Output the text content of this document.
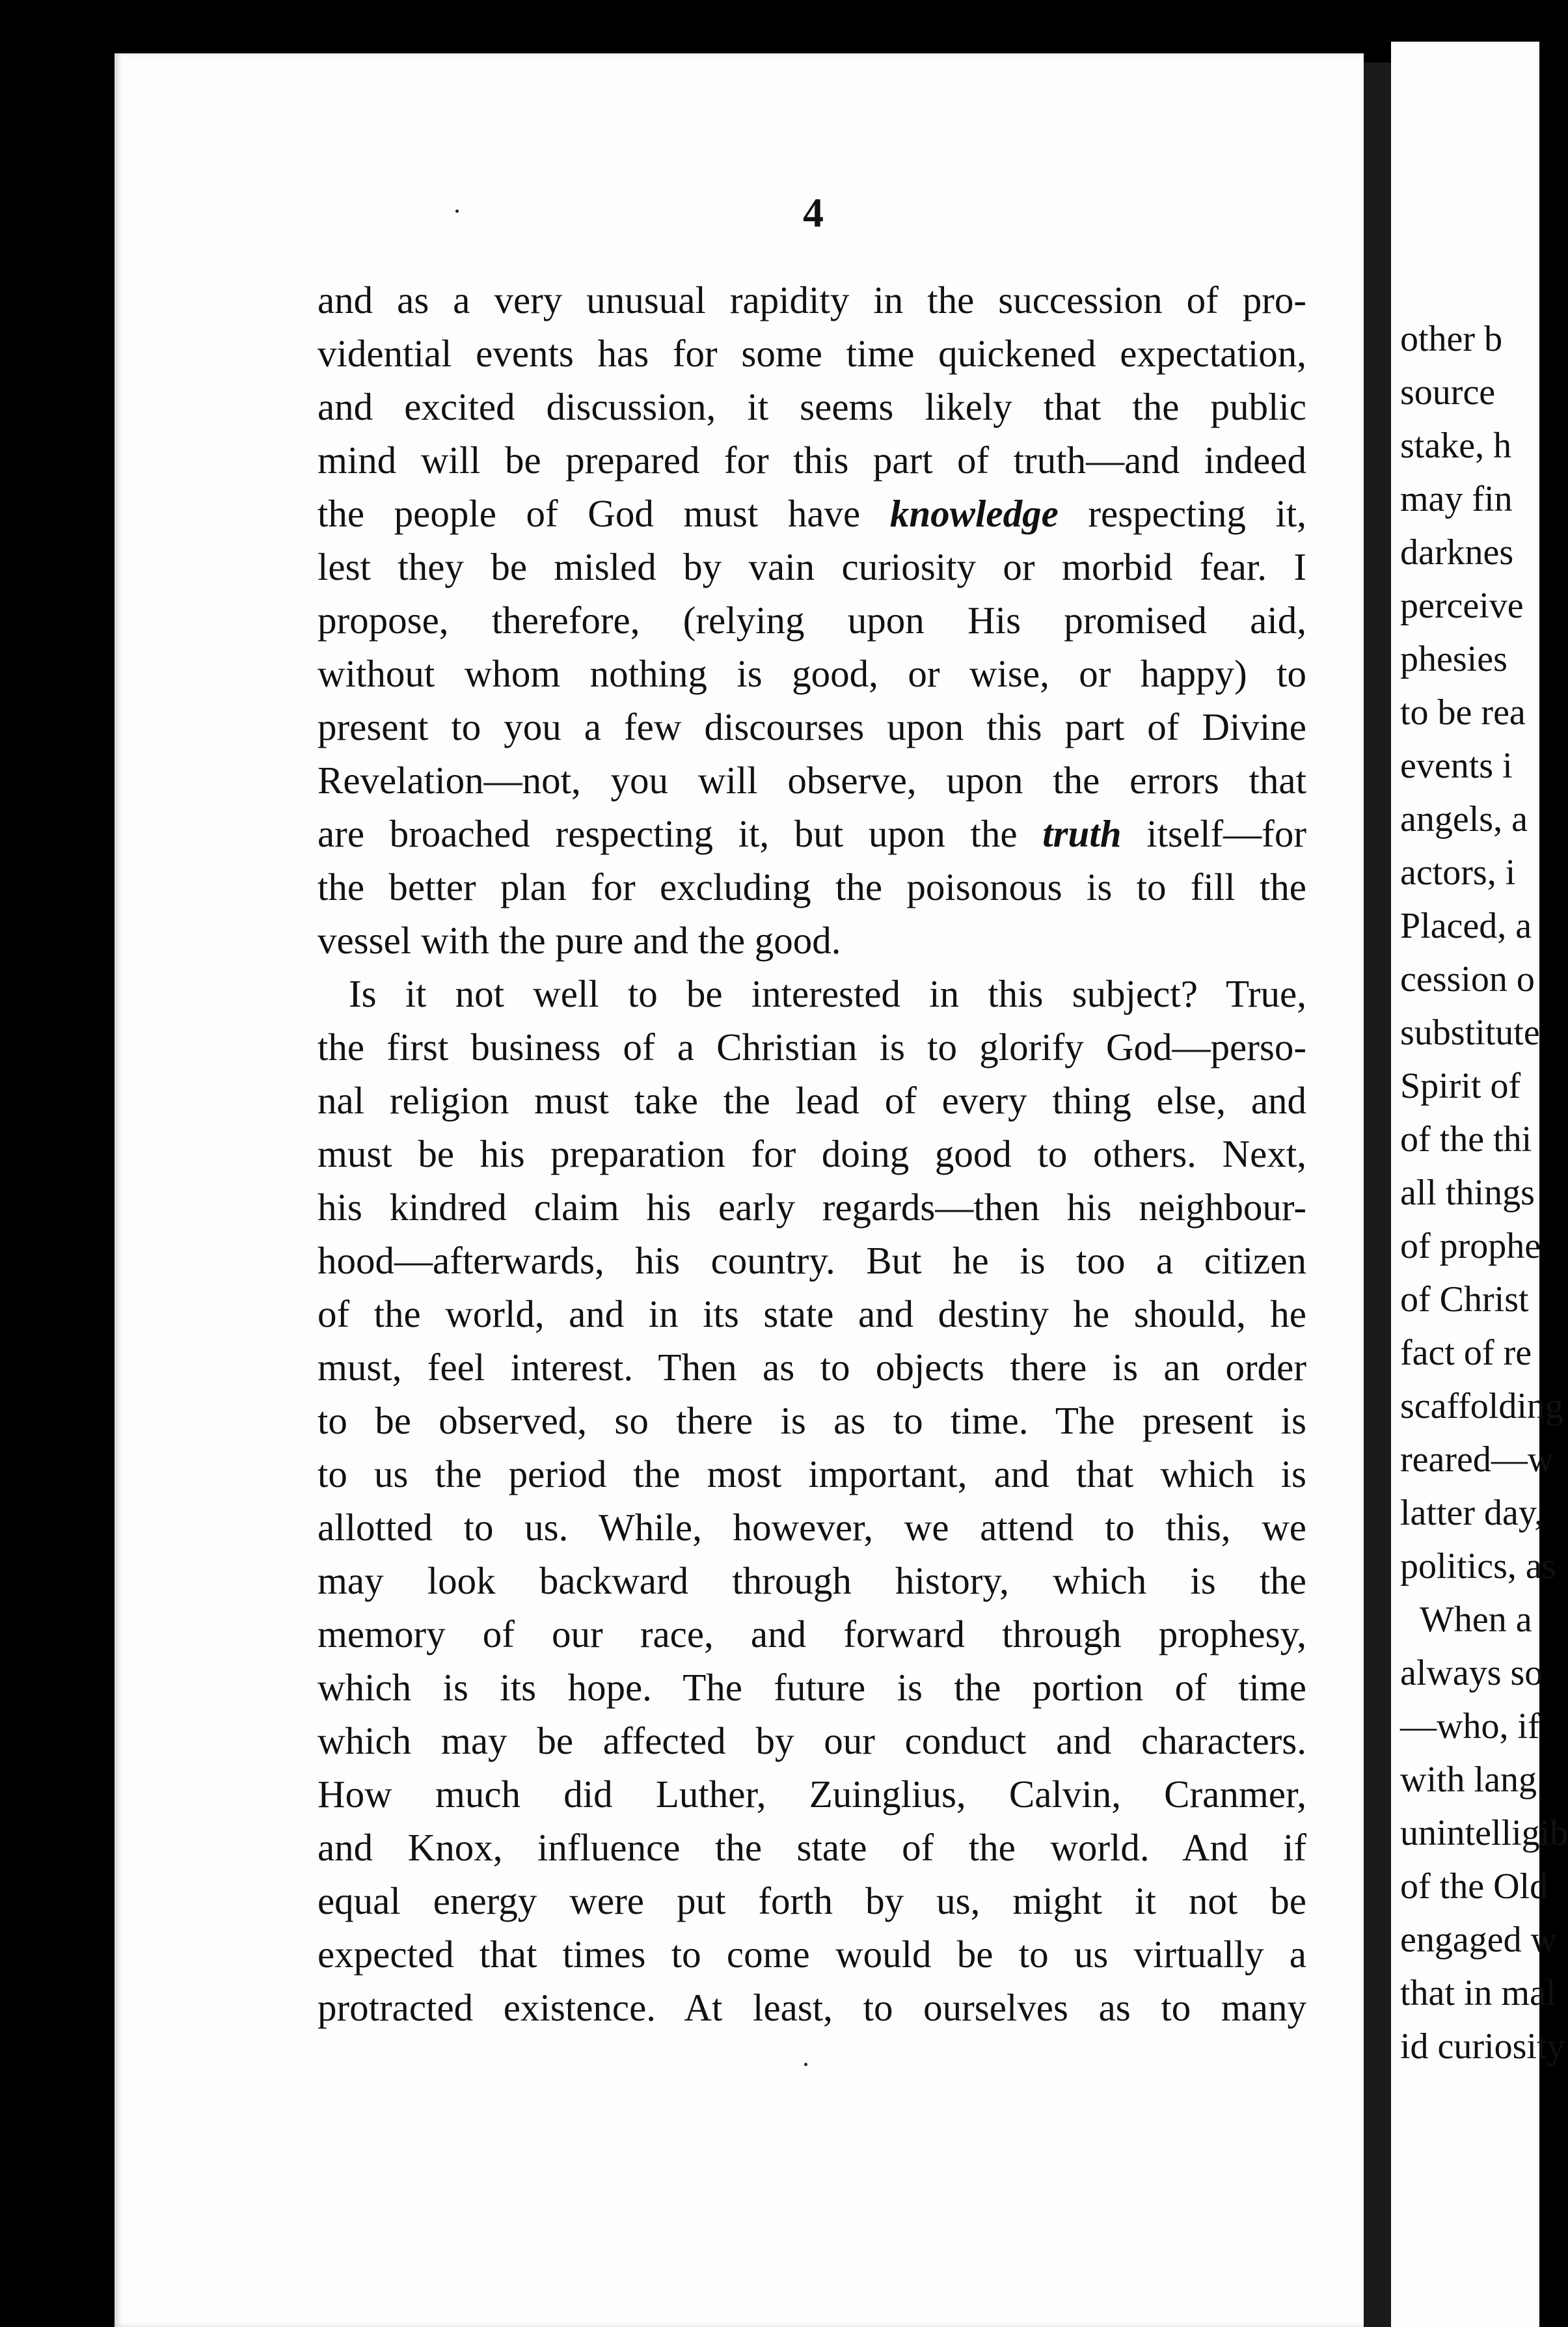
4
and as a very unusual rapidity in the succession of pro-
vidential events has for some time quickened expectation,
and excited discussion, it seems likely that the public
mind will be prepared for this part of truth—and indeed
the people of God must have knowledge respecting it,
lest they be misled by vain curiosity or morbid fear. I
propose, therefore, (relying upon His promised aid,
without whom nothing is good, or wise, or happy) to
present to you a few discourses upon this part of Divine
Revelation—not, you will observe, upon the errors that
are broached respecting it, but upon the truth itself—for
the better plan for excluding the poisonous is to fill the
vessel with the pure and the good.
Is it not well to be interested in this subject? True,
the first business of a Christian is to glorify God—perso-
nal religion must take the lead of every thing else, and
must be his preparation for doing good to others. Next,
his kindred claim his early regards—then his neighbour-
hood—afterwards, his country. But he is too a citizen
of the world, and in its state and destiny he should, he
must, feel interest. Then as to objects there is an order
to be observed, so there is as to time. The present is
to us the period the most important, and that which is
allotted to us. While, however, we attend to this, we
may look backward through history, which is the
memory of our race, and forward through prophesy,
which is its hope. The future is the portion of time
which may be affected by our conduct and characters.
How much did Luther, Zuinglius, Calvin, Cranmer,
and Knox, influence the state of the world. And if
equal energy were put forth by us, might it not be
expected that times to come would be to us virtually a
protracted existence. At least, to ourselves as to many
other b
source
stake, h
may fin
darknes
perceive
phesies
to be rea
events i
angels, a
actors, i
Placed, a
cession o
substitute
Spirit of
of the thi
all things
of prophe
of Christ
fact of re
scaffolding
reared—w
latter day,
politics, as
When a
always so
—who, if
with lang
unintelligib
of the Old
engaged w
that in mal
id curiosity
